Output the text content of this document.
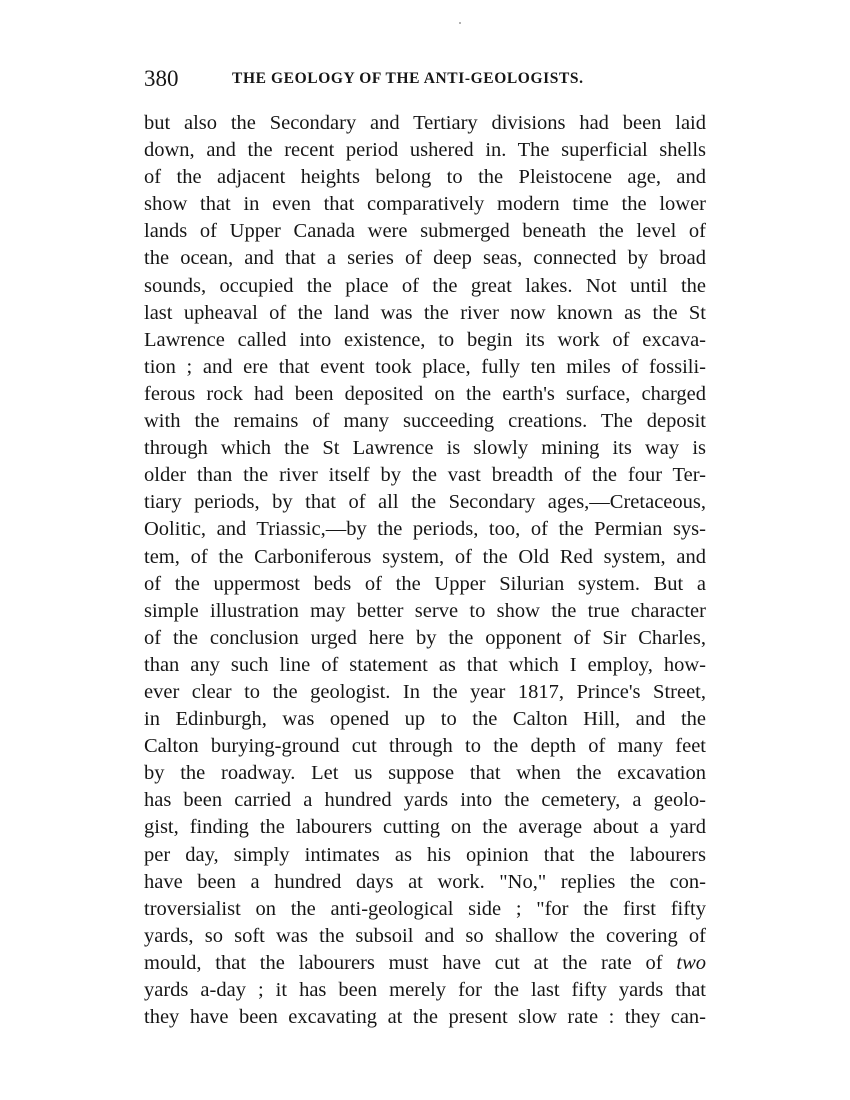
380	THE GEOLOGY OF THE ANTI-GEOLOGISTS.
but also the Secondary and Tertiary divisions had been laid
down, and the recent period ushered in. The superficial shells
of the adjacent heights belong to the Pleistocene age, and
show that in even that comparatively modern time the lower
lands of Upper Canada were submerged beneath the level of
the ocean, and that a series of deep seas, connected by broad
sounds, occupied the place of the great lakes. Not until the
last upheaval of the land was the river now known as the St
Lawrence called into existence, to begin its work of excava-
tion ; and ere that event took place, fully ten miles of fossili-
ferous rock had been deposited on the earth's surface, charged
with the remains of many succeeding creations. The deposit
through which the St Lawrence is slowly mining its way is
older than the river itself by the vast breadth of the four Ter-
tiary periods, by that of all the Secondary ages,—Cretaceous,
Oolitic, and Triassic,—by the periods, too, of the Permian sys-
tem, of the Carboniferous system, of the Old Red system, and
of the uppermost beds of the Upper Silurian system. But a
simple illustration may better serve to show the true character
of the conclusion urged here by the opponent of Sir Charles,
than any such line of statement as that which I employ, how-
ever clear to the geologist. In the year 1817, Prince's Street,
in Edinburgh, was opened up to the Calton Hill, and the
Calton burying-ground cut through to the depth of many feet
by the roadway. Let us suppose that when the excavation
has been carried a hundred yards into the cemetery, a geolo-
gist, finding the labourers cutting on the average about a yard
per day, simply intimates as his opinion that the labourers
have been a hundred days at work. "No," replies the con-
troversialist on the anti-geological side ; "for the first fifty
yards, so soft was the subsoil and so shallow the covering of
mould, that the labourers must have cut at the rate of two
yards a-day ; it has been merely for the last fifty yards that
they have been excavating at the present slow rate : they can-
